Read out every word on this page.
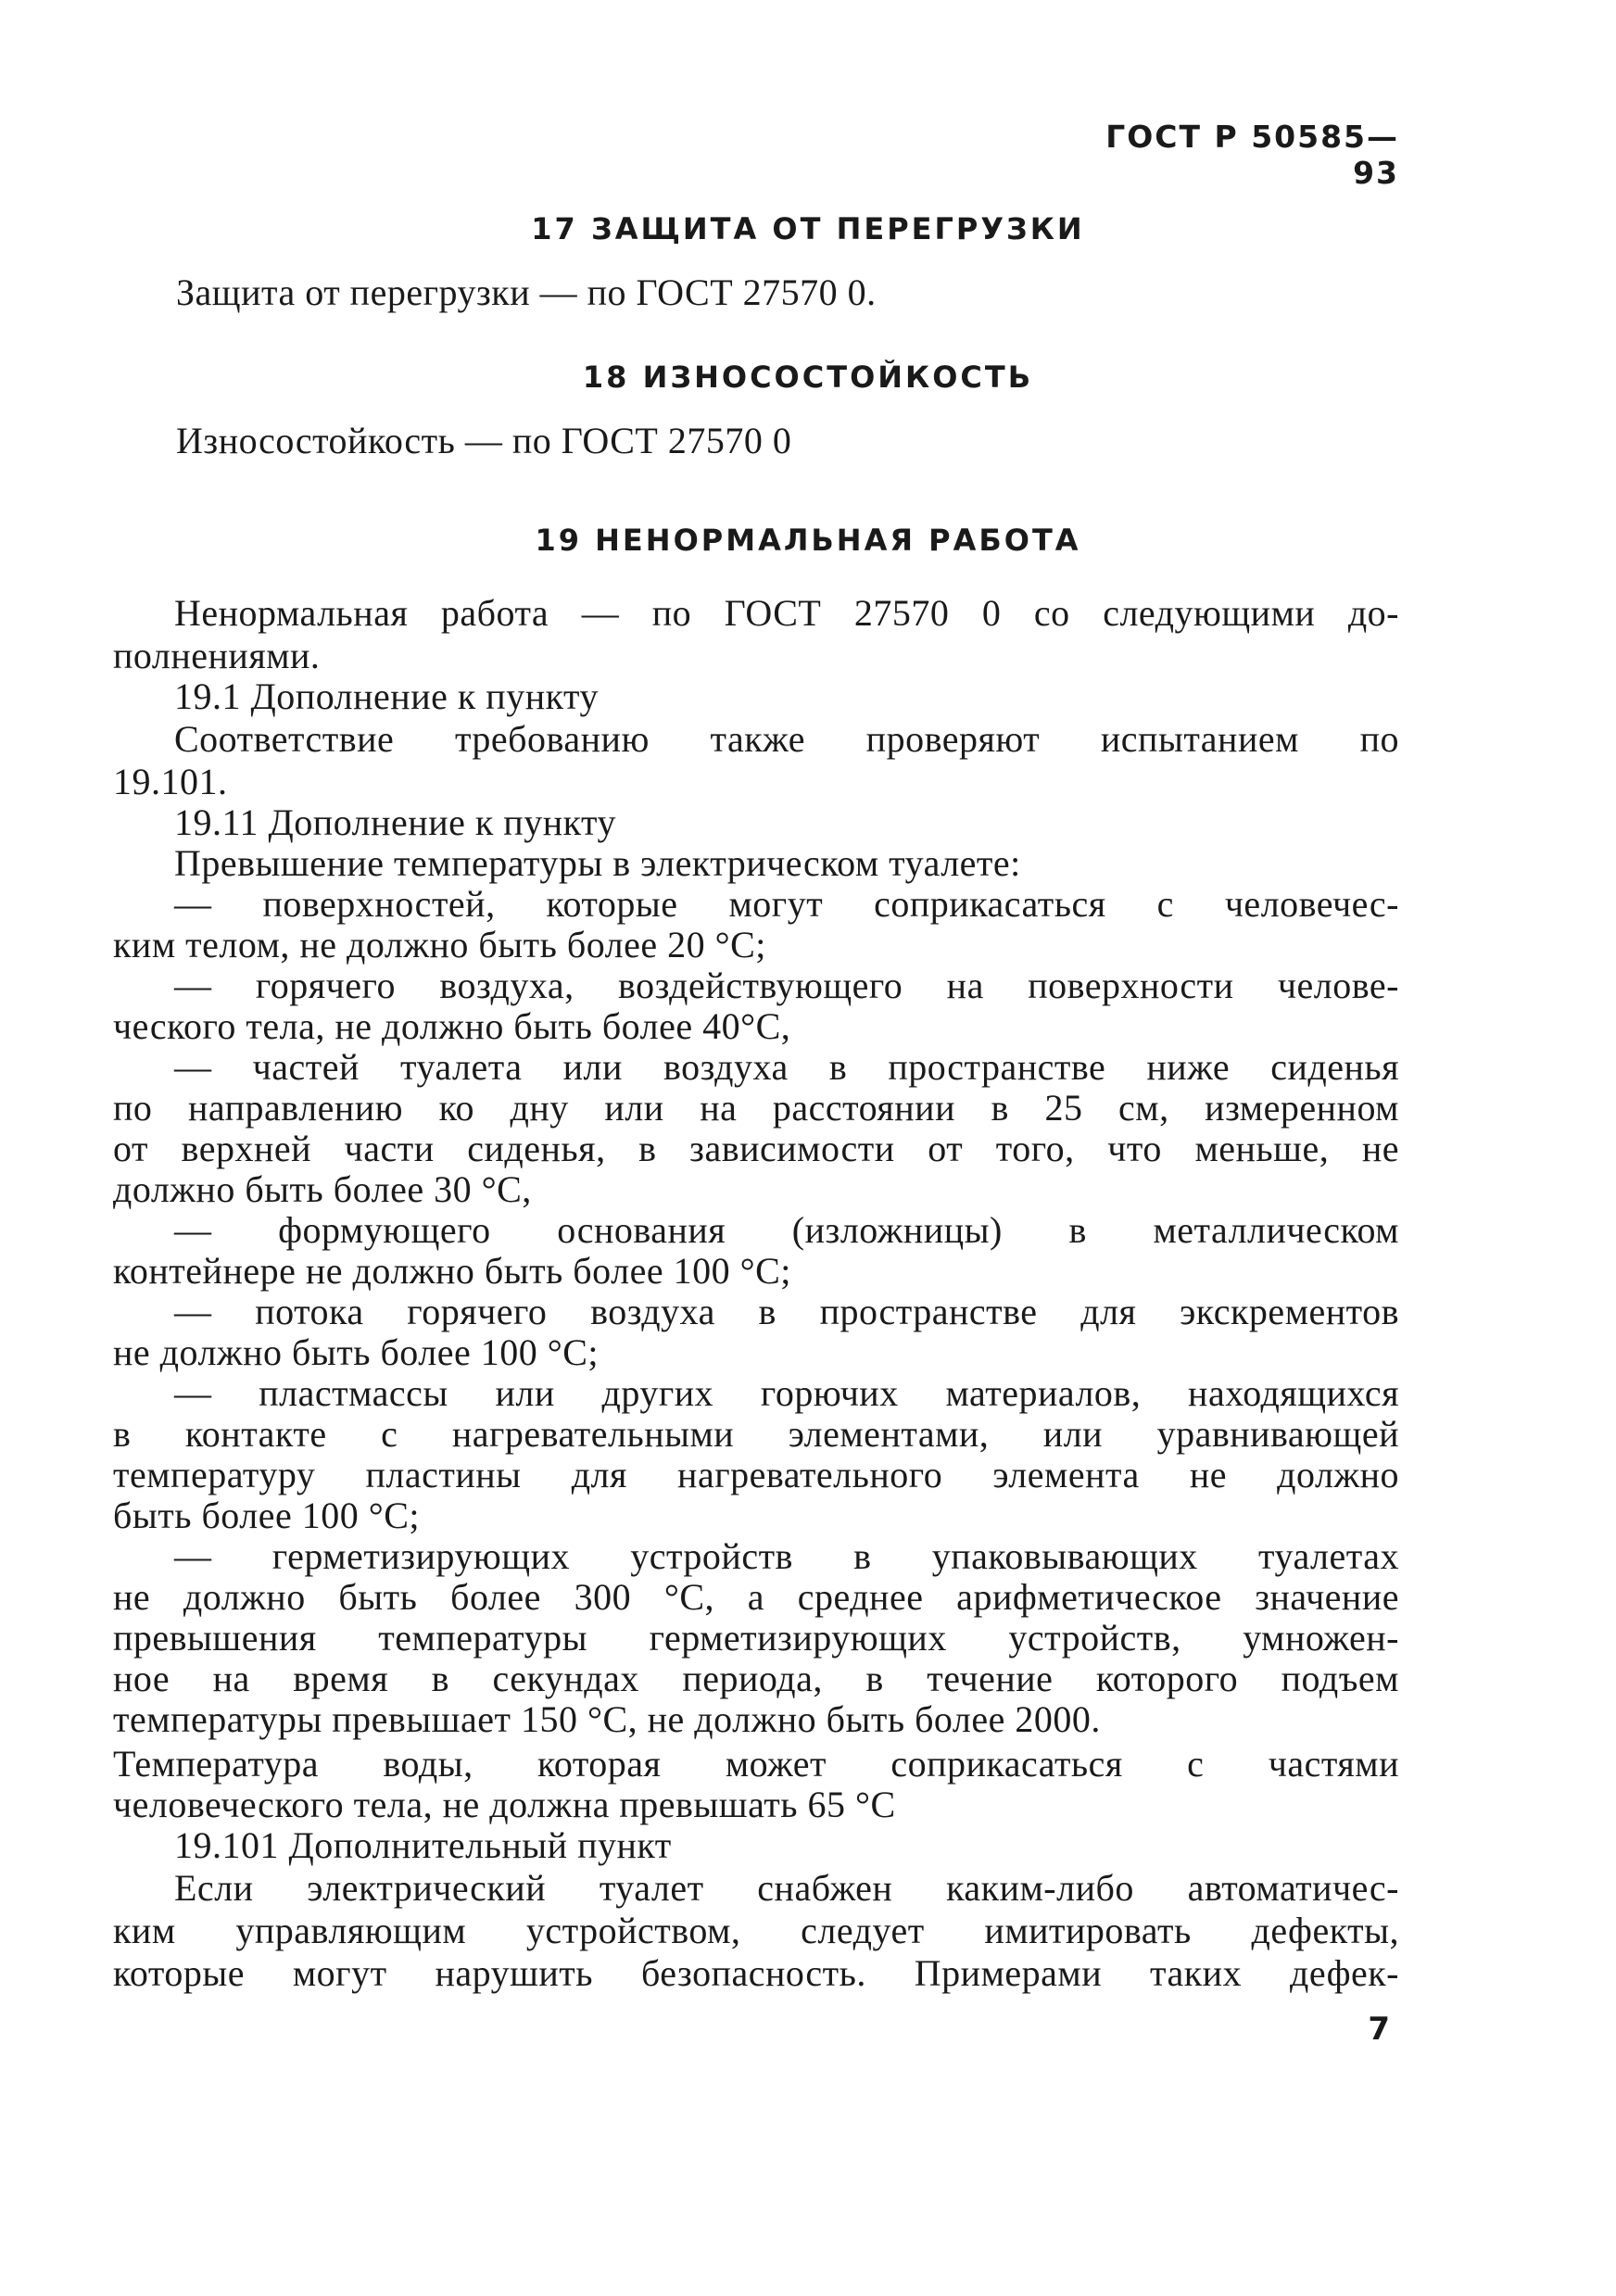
ГОСТ Р 50585—93
17 ЗАЩИТА ОТ ПЕРЕГРУЗКИ
Защита от перегрузки — по ГОСТ 27570 0.
18 ИЗНОСОСТОЙКОСТЬ
Износостойкость — по ГОСТ 27570 0
19 НЕНОРМАЛЬНАЯ РАБОТА
Ненормальная работа — по ГОСТ 27570 0 со следующими до-
полнениями.
19.1 Дополнение к пункту
Соответствие требованию также проверяют испытанием по
19.101.
19.11 Дополнение к пункту
Превышение температуры в электрическом туалете:
— поверхностей, которые могут соприкасаться с человечес-
ким телом, не должно быть более 20 °С;
— горячего воздуха, воздействующего на поверхности челове-
ческого тела, не должно быть более 40°С,
— частей туалета или воздуха в пространстве ниже сиденья
по направлению ко дну или на расстоянии в 25 см, измеренном
от верхней части сиденья, в зависимости от того, что меньше, не
должно быть более 30 °С,
— формующего основания (изложницы) в металлическом
контейнере не должно быть более 100 °С;
— потока горячего воздуха в пространстве для экскрементов
не должно быть более 100 °С;
— пластмассы или других горючих материалов, находящихся
в контакте с нагревательными элементами, или уравнивающей
температуру пластины для нагревательного элемента не должно
быть более 100 °С;
— герметизирующих устройств в упаковывающих туалетах
не должно быть более 300 °С, а среднее арифметическое значение
превышения температуры герметизирующих устройств, умножен-
ное на время в секундах периода, в течение которого подъем
температуры превышает 150 °С, не должно быть более 2000.
Температура воды, которая может соприкасаться с частями
человеческого тела, не должна превышать 65 °С
19.101 Дополнительный пункт
Если электрический туалет снабжен каким-либо автоматичес-
ким управляющим устройством, следует имитировать дефекты,
которые могут нарушить безопасность. Примерами таких дефек-
7
